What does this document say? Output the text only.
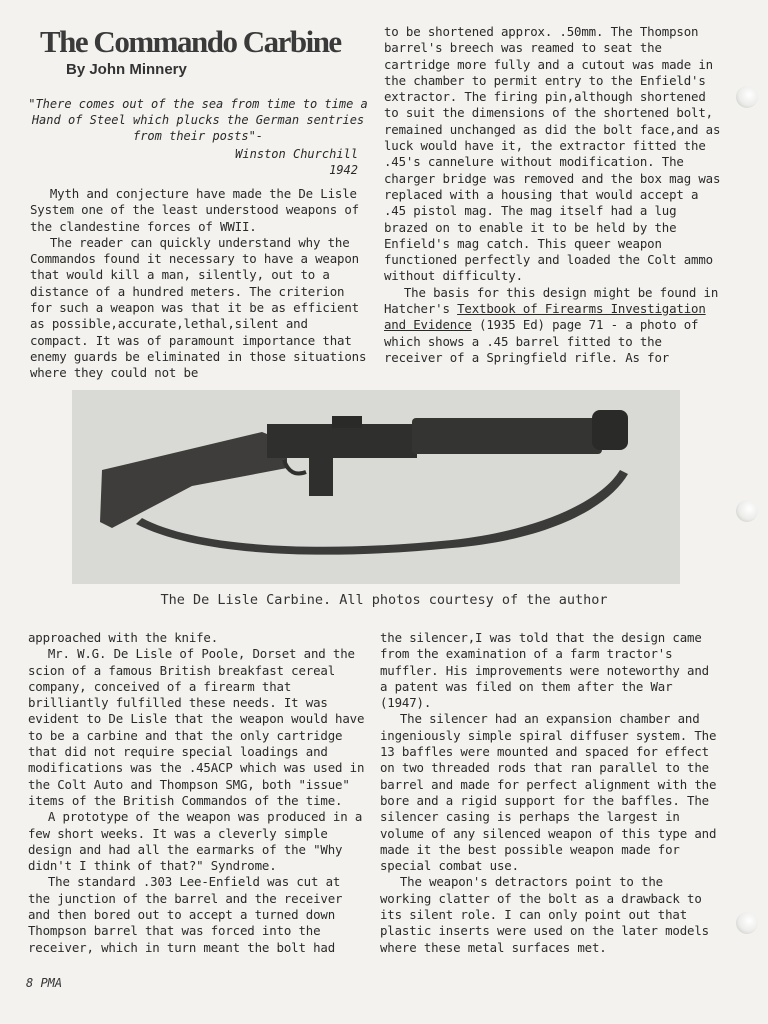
The Commando Carbine
By John Minnery
"There comes out of the sea from time to time a Hand of Steel which plucks the German sentries from their posts"-
Winston Churchill
1942

Myth and conjecture have made the De Lisle System one of the least understood weapons of the clandestine forces of WWII.

The reader can quickly understand why the Commandos found it necessary to have a weapon that would kill a man, silently, out to a distance of a hundred meters. The criterion for such a weapon was that it be as efficient as possible,accurate,lethal,silent and compact. It was of paramount importance that enemy guards be eliminated in those situations where they could not be

to be shortened approx. .50mm. The Thompson barrel's breech was reamed to seat the cartridge more fully and a cutout was made in the chamber to permit entry to the Enfield's extractor. The firing pin,although shortened to suit the dimensions of the shortened bolt, remained unchanged as did the bolt face,and as luck would have it, the extractor fitted the .45's cannelure without modification. The charger bridge was removed and the box mag was replaced with a housing that would accept a .45 pistol mag. The mag itself had a lug brazed on to enable it to be held by the Enfield's mag catch. This queer weapon functioned perfectly and loaded the Colt ammo without difficulty.

The basis for this design might be found in Hatcher's Textbook of Firearms Investigation and Evidence (1935 Ed) page 71 - a photo of which shows a .45 barrel fitted to the receiver of a Springfield rifle. As for

The De Lisle Carbine. All photos courtesy of the author

approached with the knife.

Mr. W.G. De Lisle of Poole, Dorset and the scion of a famous British breakfast cereal company, conceived of a firearm that brilliantly fulfilled these needs. It was evident to De Lisle that the weapon would have to be a carbine and that the only cartridge that did not require special loadings and modifications was the .45ACP which was used in the Colt Auto and Thompson SMG, both "issue" items of the British Commandos of the time.

A prototype of the weapon was produced in a few short weeks. It was a cleverly simple design and had all the earmarks of the "Why didn't I think of that?" Syndrome.

The standard .303 Lee-Enfield was cut at the junction of the barrel and the receiver and then bored out to accept a turned down Thompson barrel that was forced into the receiver, which in turn meant the bolt had

the silencer,I was told that the design came from the examination of a farm tractor's muffler. His improvements were noteworthy and a patent was filed on them after the War (1947).

The silencer had an expansion chamber and ingeniously simple spiral diffuser system. The 13 baffles were mounted and spaced for effect on two threaded rods that ran parallel to the barrel and made for perfect alignment with the bore and a rigid support for the baffles. The silencer casing is perhaps the largest in volume of any silenced weapon of this type and made it the best possible weapon made for special combat use.

The weapon's detractors point to the working clatter of the bolt as a drawback to its silent role. I can only point out that plastic inserts were used on the later models where these metal surfaces met.

8 PMA
